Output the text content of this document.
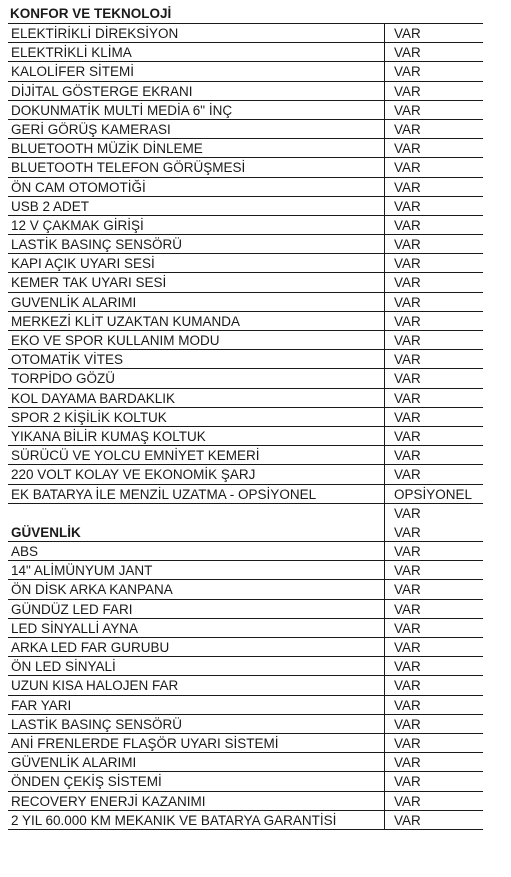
KONFOR VE TEKNOLOJİ
ELEKTİRİKLİ DİREKSİYON	VAR
ELEKTRİKLİ KLİMA	VAR
KALOLİFER SİTEMİ	VAR
DİJİTAL GÖSTERGE EKRANI	VAR
DOKUNMATİK MULTİ MEDİA 6" İNÇ	VAR
GERİ GÖRÜŞ KAMERASI	VAR
BLUETOOTH MÜZİK DİNLEME	VAR
BLUETOOTH TELEFON GÖRÜŞMESİ	VAR
ÖN CAM OTOMOTİĞİ	VAR
USB 2 ADET	VAR
12 V ÇAKMAK GİRİŞİ	VAR
LASTİK BASINÇ SENSÖRÜ	VAR
KAPI AÇIK UYARI SESİ	VAR
KEMER TAK UYARI SESİ	VAR
GUVENLİK ALARIMI	VAR
MERKEZİ KLİT UZAKTAN KUMANDA	VAR
EKO VE SPOR KULLANIM MODU	VAR
OTOMATİK VİTES	VAR
TORPİDO GÖZÜ	VAR
KOL DAYAMA BARDAKLIK	VAR
SPOR 2 KİŞİLİK KOLTUK	VAR
YIKANA BİLİR KUMAŞ KOLTUK	VAR
SÜRÜCÜ VE YOLCU EMNİYET KEMERİ	VAR
220 VOLT KOLAY VE EKONOMİK ŞARJ	VAR
EK BATARYA İLE MENZİL UZATMA - OPSİYONEL	OPSİYONEL
VAR
GÜVENLİK	VAR
ABS	VAR
14" ALİMÜNYUM JANT	VAR
ÖN DİSK ARKA KANPANA	VAR
GÜNDÜZ LED FARI	VAR
LED SİNYALLİ AYNA	VAR
ARKA LED FAR GURUBU	VAR
ÖN LED SİNYALİ	VAR
UZUN KISA HALOJEN FAR	VAR
FAR YARI	VAR
LASTİK BASINÇ SENSÖRÜ	VAR
ANİ FRENLERDE FLAŞÖR UYARI SİSTEMİ	VAR
GÜVENLİK ALARIMI	VAR
ÖNDEN ÇEKİŞ SİSTEMİ	VAR
RECOVERY ENERJİ KAZANIMI	VAR
2 YIL 60.000 KM MEKANIK VE BATARYA GARANTİSİ	VAR
